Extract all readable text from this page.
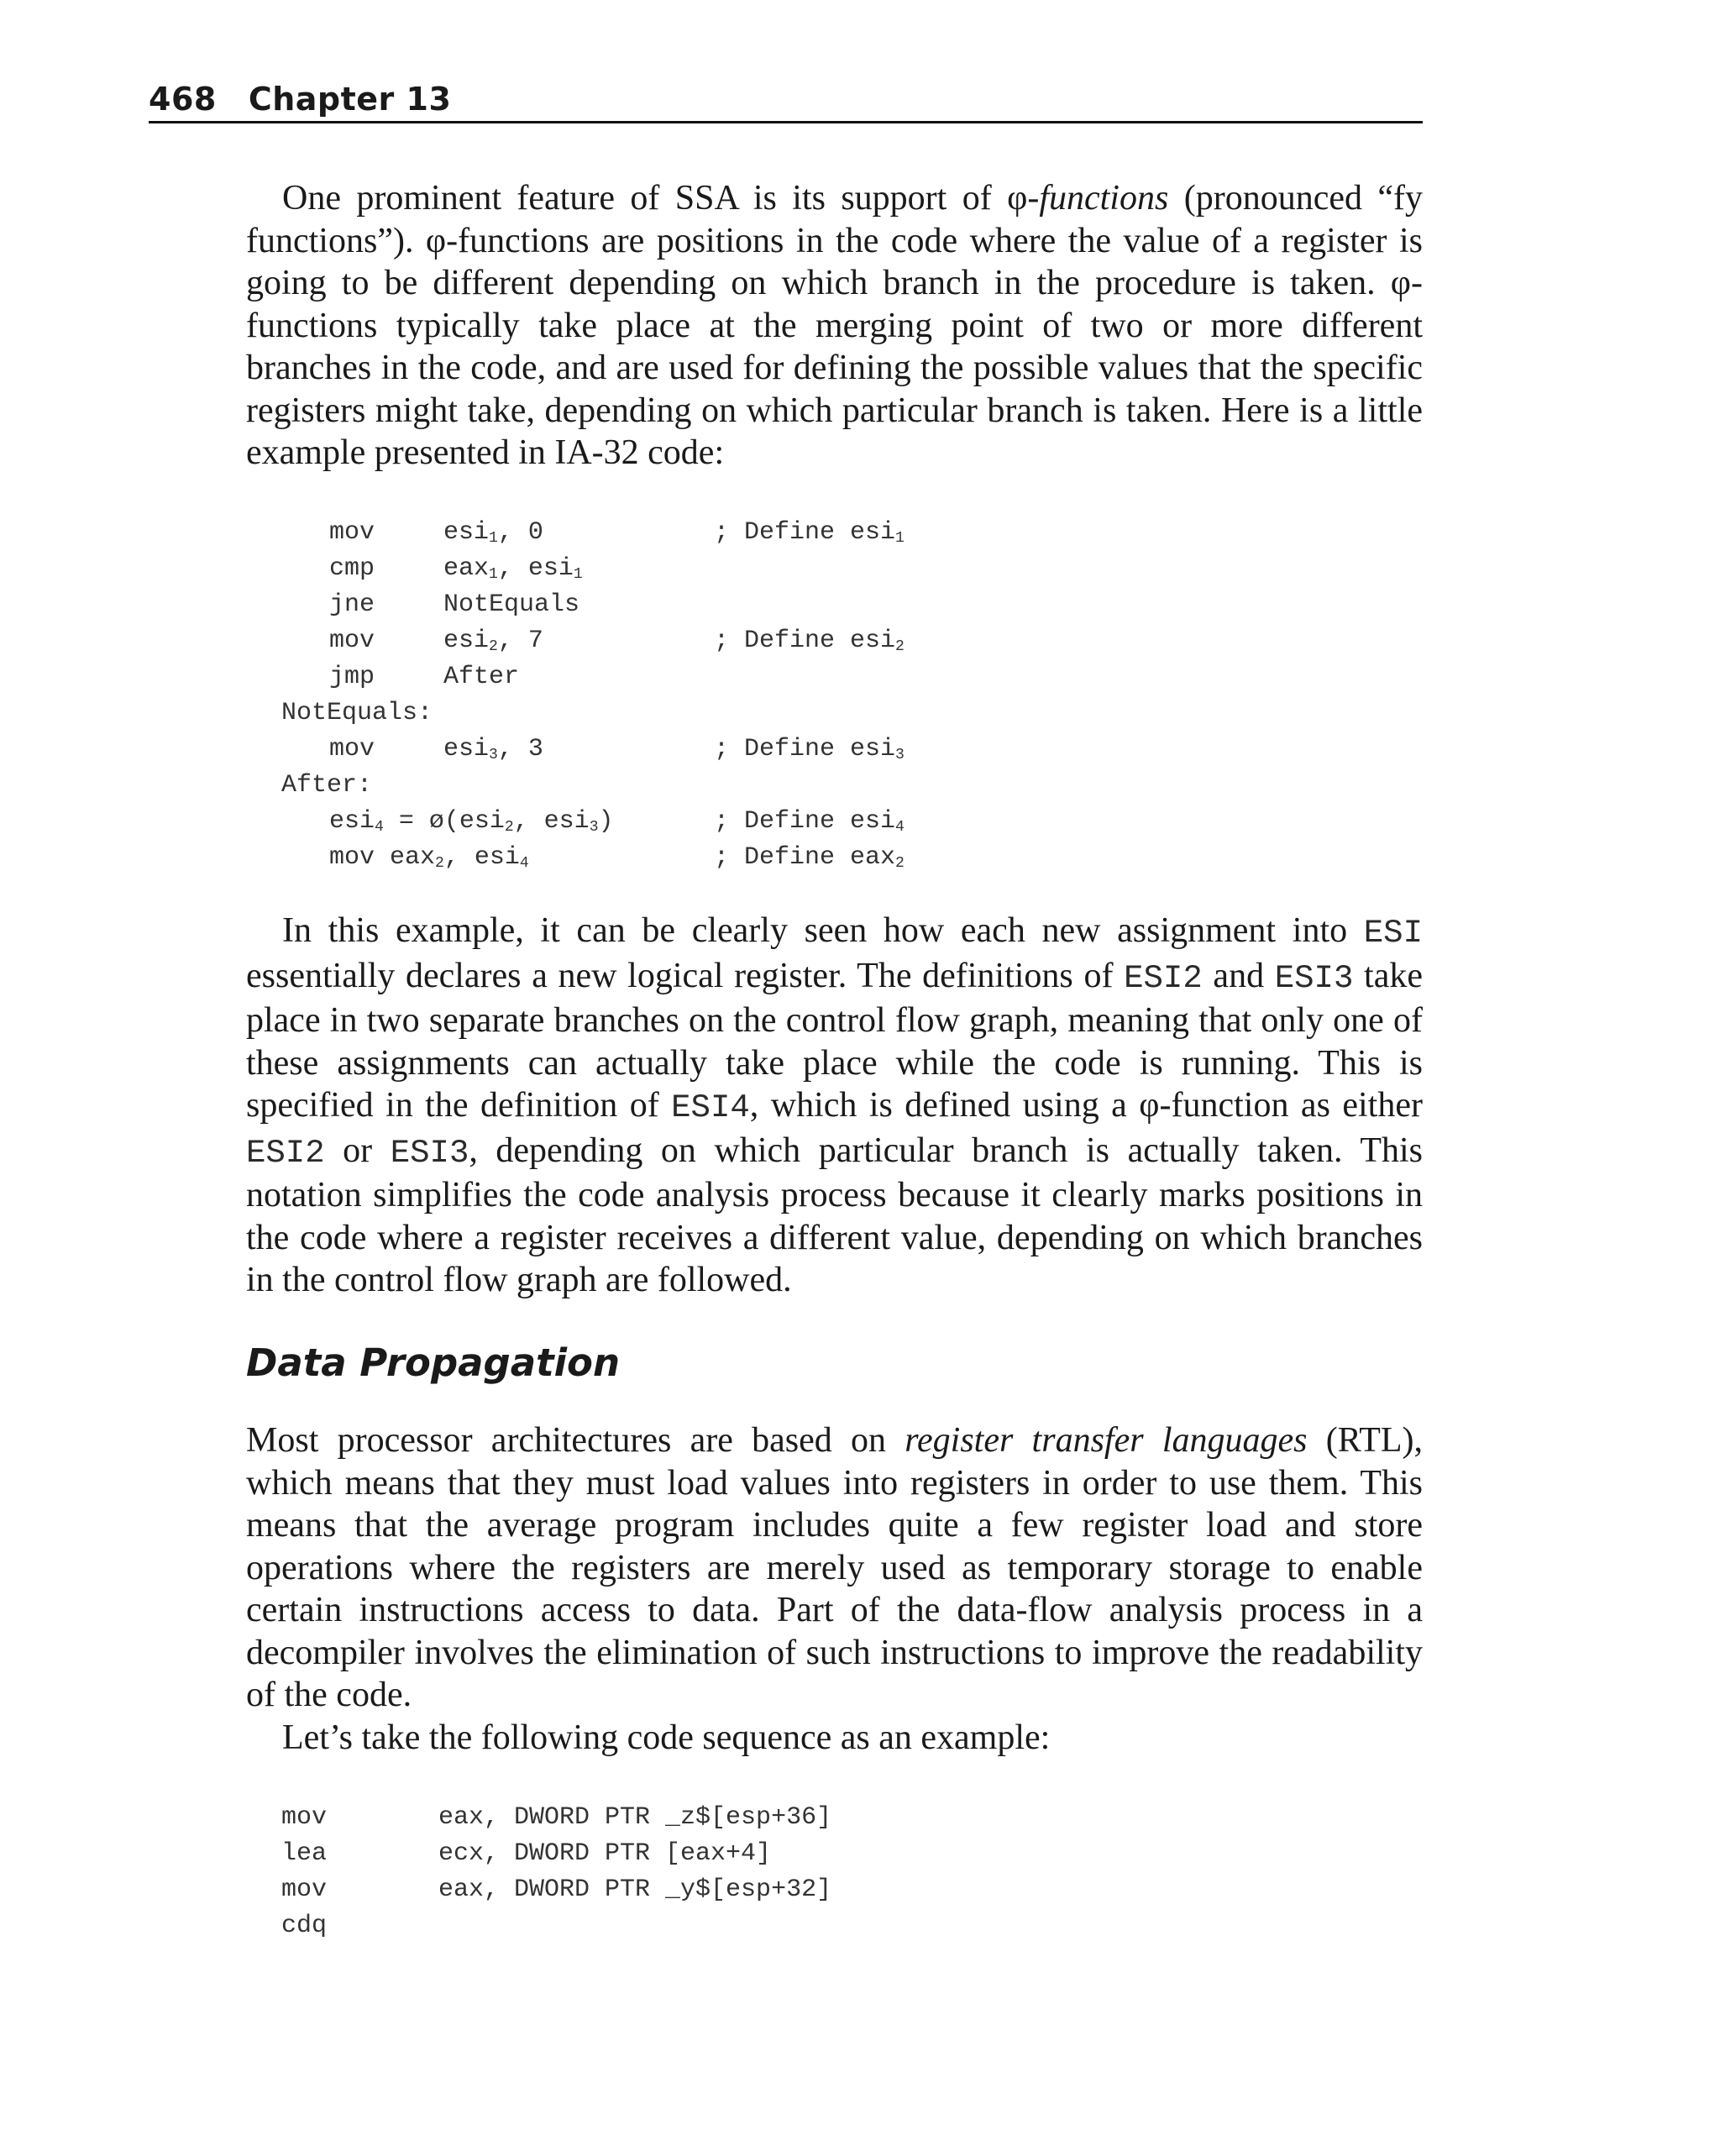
468 Chapter 13

One prominent feature of SSA is its support of φ-functions (pronounced “fy functions”). φ-functions are positions in the code where the value of a register is going to be different depending on which branch in the procedure is taken. φ-functions typically take place at the merging point of two or more different branches in the code, and are used for defining the possible values that the specific registers might take, depending on which particular branch is taken. Here is a little example presented in IA-32 code:

mov	esi$_1$, 0	; Define esi$_1$
cmp	eax$_1$, esi$_1$
jne	NotEquals
mov	esi$_2$, 7	; Define esi$_2$
jmp	After
NotEquals:
mov	esi$_3$, 3	; Define esi$_3$
After:
esi$_4$ = ø(esi$_2$, esi$_3$)	; Define esi$_4$
mov eax$_2$, esi$_4$	; Define eax$_2$

In this example, it can be clearly seen how each new assignment into ESI essentially declares a new logical register. The definitions of ESI2 and ESI3 take place in two separate branches on the control flow graph, meaning that only one of these assignments can actually take place while the code is running. This is specified in the definition of ESI4, which is defined using a φ-function as either ESI2 or ESI3, depending on which particular branch is actually taken. This notation simplifies the code analysis process because it clearly marks positions in the code where a register receives a different value, depending on which branches in the control flow graph are followed.

Data Propagation

Most processor architectures are based on register transfer languages (RTL), which means that they must load values into registers in order to use them. This means that the average program includes quite a few register load and store operations where the registers are merely used as temporary storage to enable certain instructions access to data. Part of the data-flow analysis process in a decompiler involves the elimination of such instructions to improve the readability of the code.

Let’s take the following code sequence as an example:

mov	eax, DWORD PTR _z$[esp+36]
lea	ecx, DWORD PTR [eax+4]
mov	eax, DWORD PTR _y$[esp+32]
cdq
